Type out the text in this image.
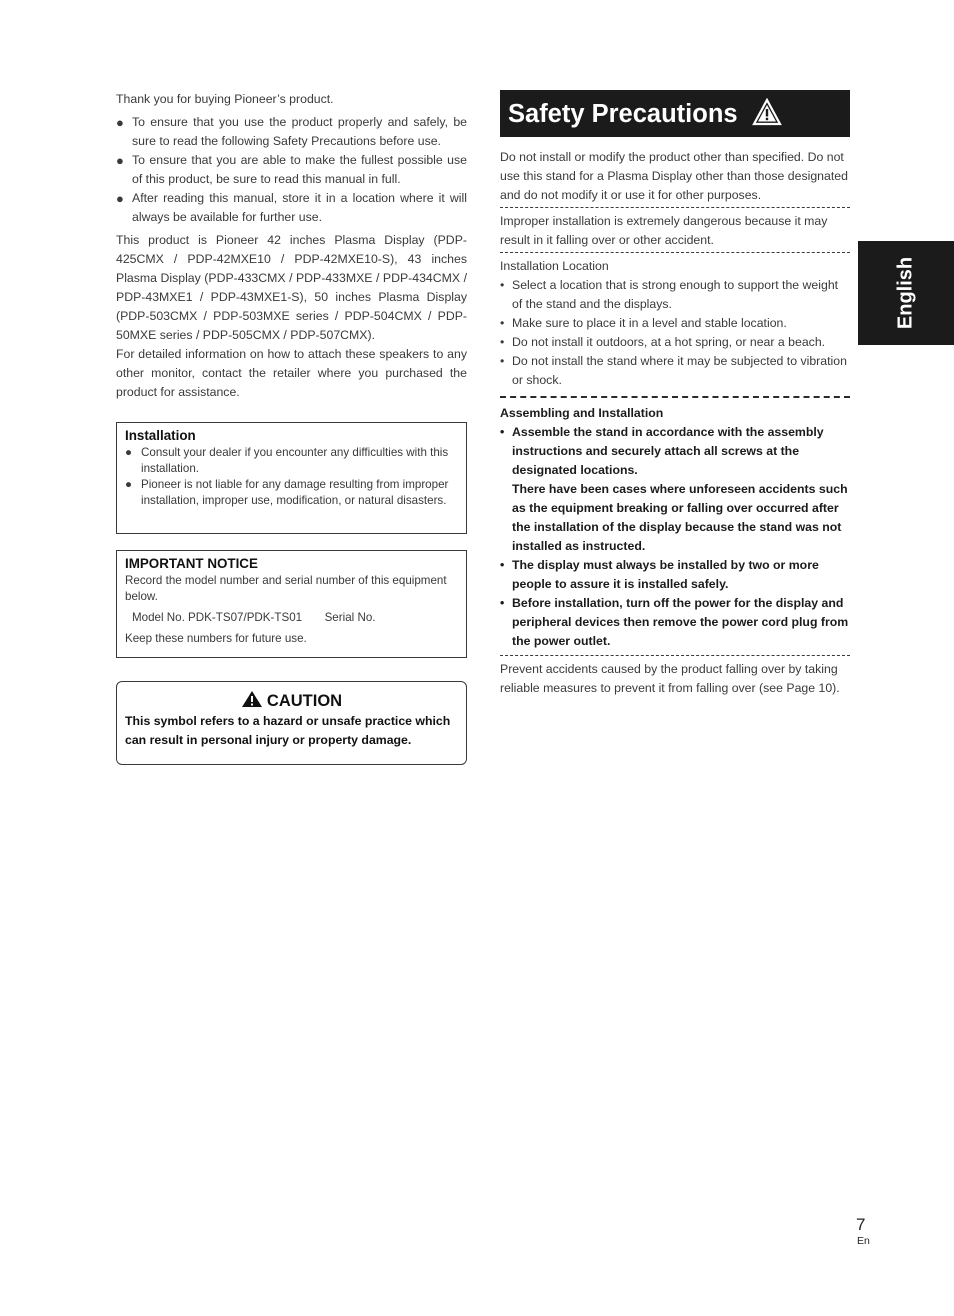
Thank you for buying Pioneer’s product.

● To ensure that you use the product properly and safely, be sure to read the following Safety Precautions before use.
● To ensure that you are able to make the fullest possible use of this product, be sure to read this manual in full.
● After reading this manual, store it in a location where it will always be available for further use.

This product is Pioneer 42 inches Plasma Display (PDP-425CMX / PDP-42MXE10 / PDP-42MXE10-S), 43 inches Plasma Display (PDP-433CMX / PDP-433MXE / PDP-434CMX / PDP-43MXE1 / PDP-43MXE1-S), 50 inches Plasma Display (PDP-503CMX / PDP-503MXE series / PDP-504CMX / PDP-50MXE series / PDP-505CMX / PDP-507CMX).

For detailed information on how to attach these speakers to any other monitor, contact the retailer where you purchased the product for assistance.

Installation
● Consult your dealer if you encounter any difficulties with this installation.
● Pioneer is not liable for any damage resulting from improper installation, improper use, modification, or natural disasters.
IMPORTANT NOTICE
Record the model number and serial number of this equipment below.
Model No. PDK-TS07/PDK-TS01 Serial No.
Keep these numbers for future use.
CAUTION
This symbol refers to a hazard or unsafe practice which can result in personal injury or property damage.
Safety Precautions
Do not install or modify the product other than specified. Do not use this stand for a Plasma Display other than those designated and do not modify it or use it for other purposes.
Improper installation is extremely dangerous because it may result in it falling over or other accident.
Installation Location
• Select a location that is strong enough to support the weight of the stand and the displays.
• Make sure to place it in a level and stable location.
• Do not install it outdoors, at a hot spring, or near a beach.
• Do not install the stand where it may be subjected to vibration or shock.
Assembling and Installation
• Assemble the stand in accordance with the assembly instructions and securely attach all screws at the designated locations.
There have been cases where unforeseen accidents such as the equipment breaking or falling over occurred after the installation of the display because the stand was not installed as instructed.
• The display must always be installed by two or more people to assure it is installed safely.
• Before installation, turn off the power for the display and peripheral devices then remove the power cord plug from the power outlet.
Prevent accidents caused by the product falling over by taking reliable measures to prevent it from falling over (see Page 10).
English
7
En
